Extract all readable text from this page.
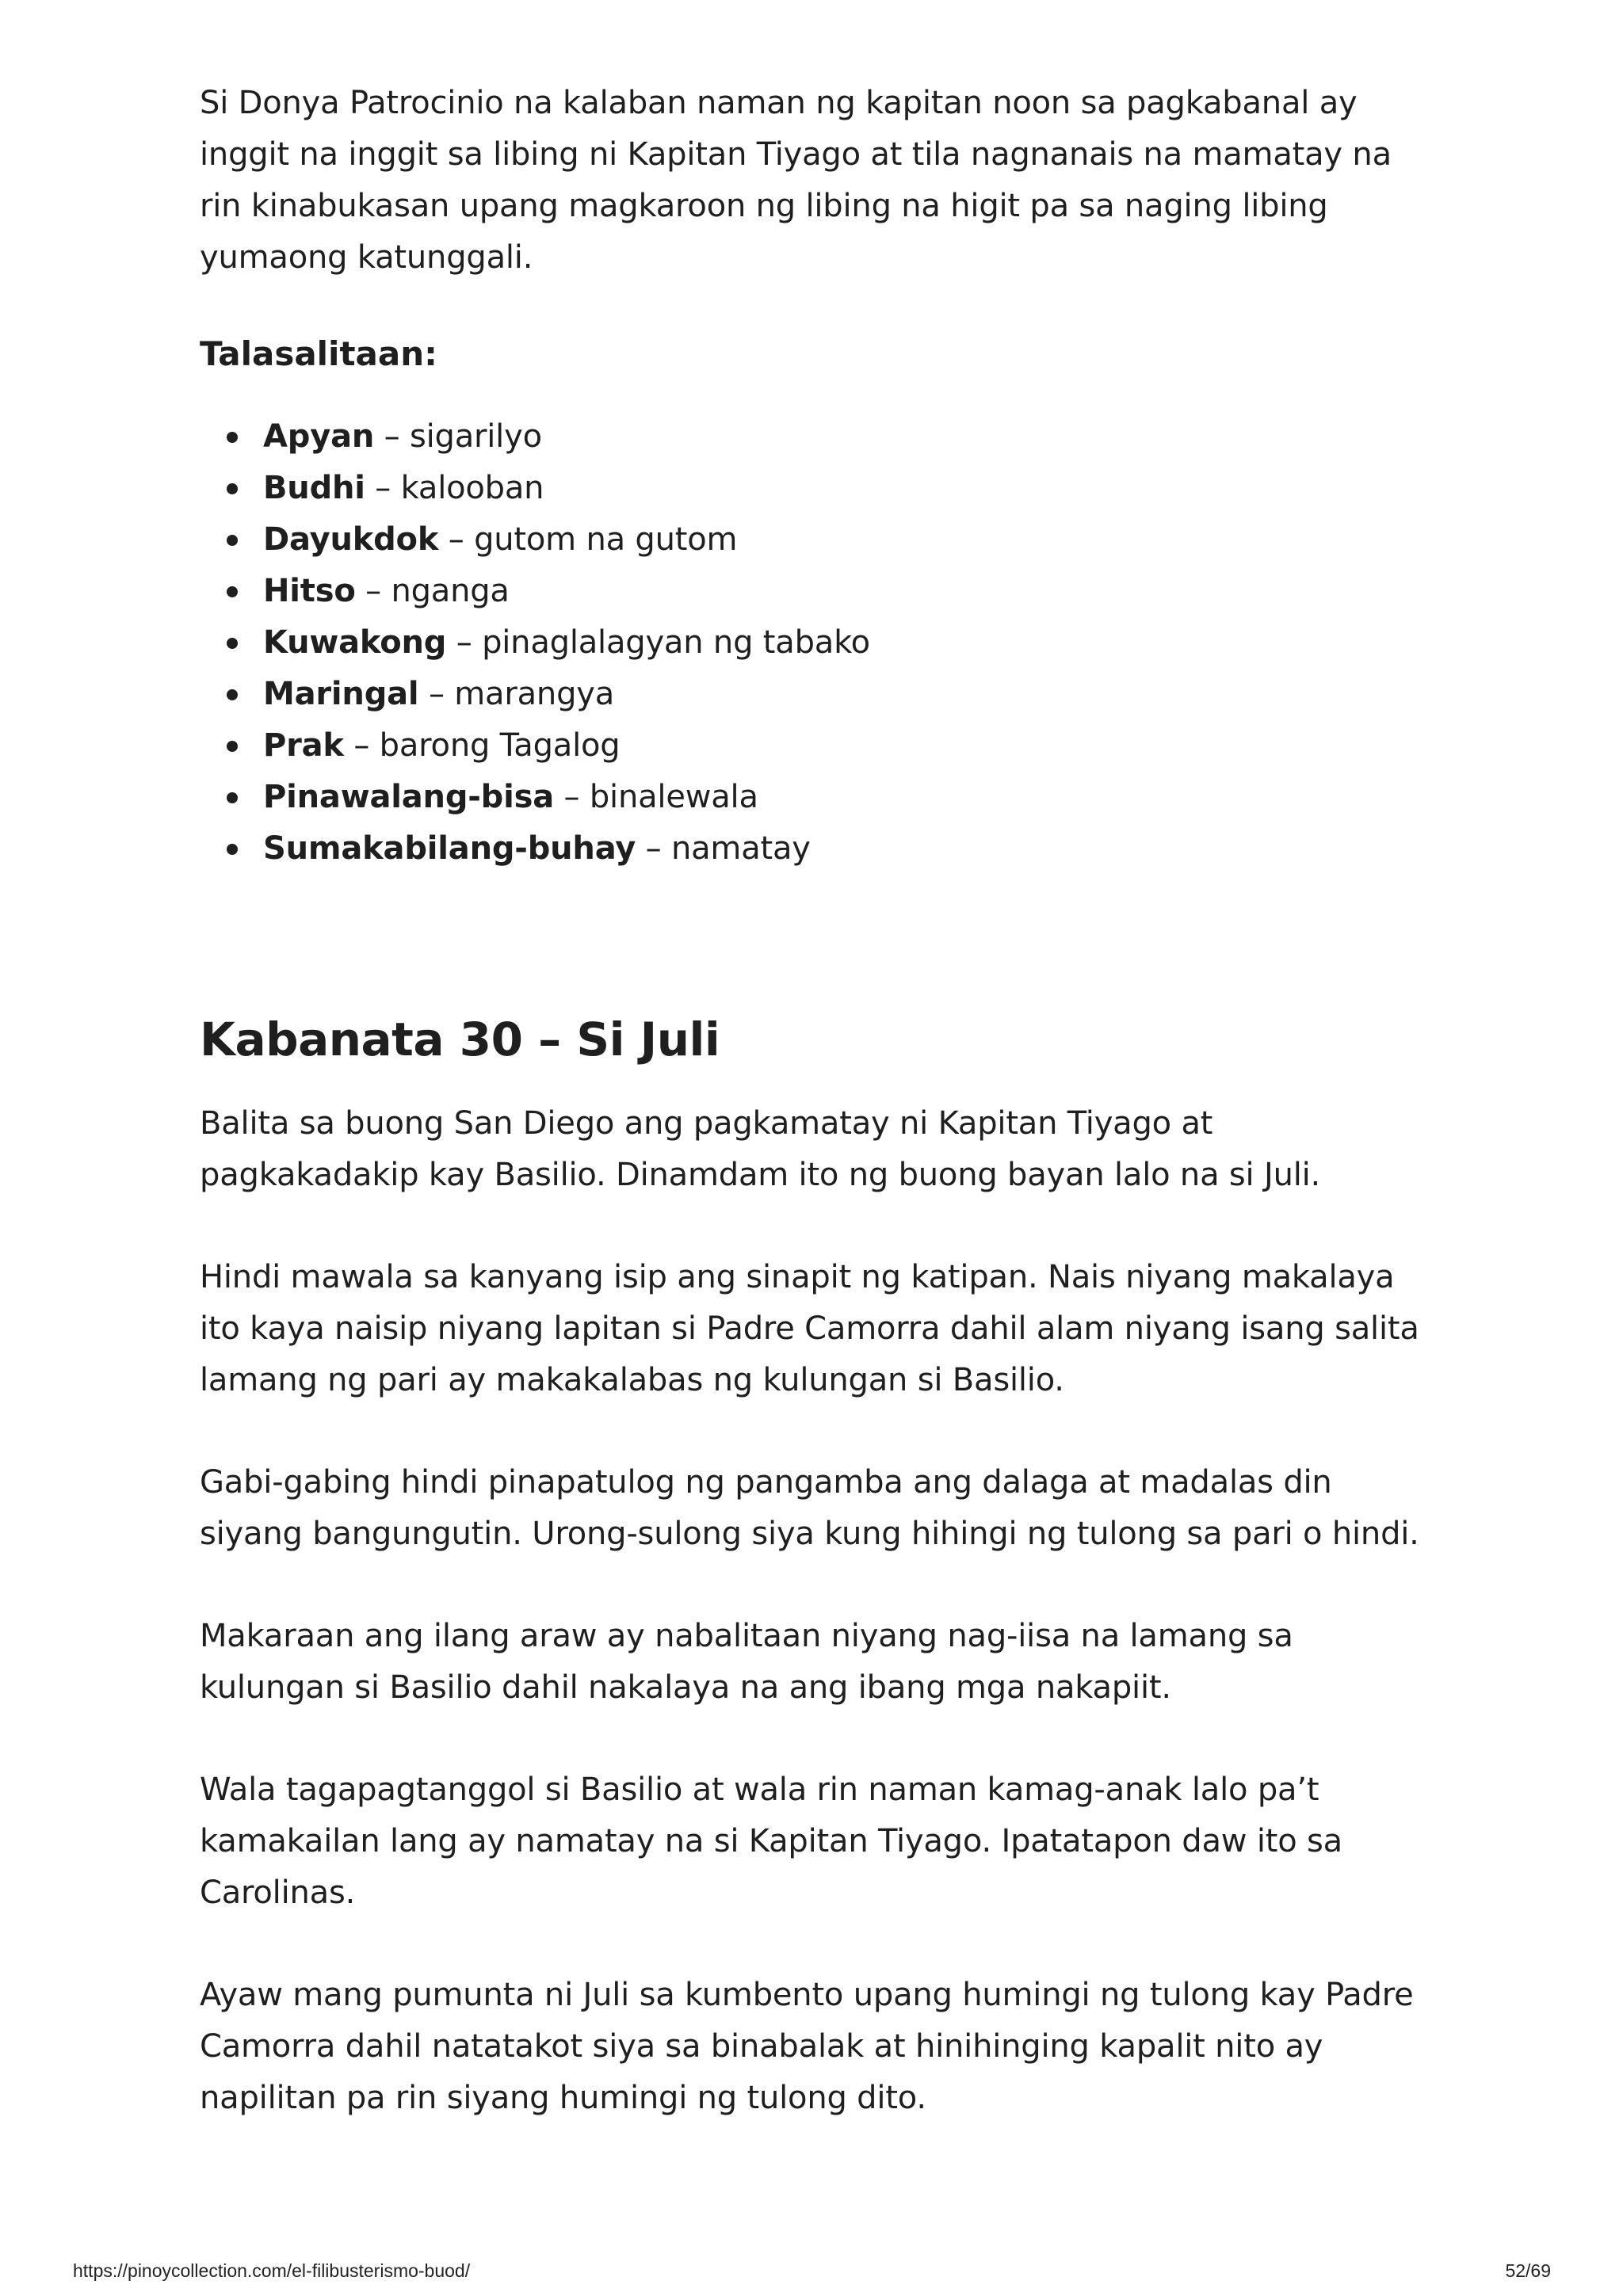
Si Donya Patrocinio na kalaban naman ng kapitan noon sa pagkabanal ay inggit na inggit sa libing ni Kapitan Tiyago at tila nagnanais na mamatay na rin kinabukasan upang magkaroon ng libing na higit pa sa naging libing yumaong katunggali.

Talasalitaan:
Apyan – sigarilyo
Budhi – kalooban
Dayukdok – gutom na gutom
Hitso – nganga
Kuwakong – pinaglalagyan ng tabako
Maringal – marangya
Prak – barong Tagalog
Pinawalang-bisa – binalewala
Sumakabilang-buhay – namatay
Kabanata 30 – Si Juli

Balita sa buong San Diego ang pagkamatay ni Kapitan Tiyago at pagkakadakip kay Basilio. Dinamdam ito ng buong bayan lalo na si Juli.

Hindi mawala sa kanyang isip ang sinapit ng katipan. Nais niyang makalaya ito kaya naisip niyang lapitan si Padre Camorra dahil alam niyang isang salita lamang ng pari ay makakalabas ng kulungan si Basilio.

Gabi-gabing hindi pinapatulog ng pangamba ang dalaga at madalas din siyang bangungutin. Urong-sulong siya kung hihingi ng tulong sa pari o hindi.

Makaraan ang ilang araw ay nabalitaan niyang nag-iisa na lamang sa kulungan si Basilio dahil nakalaya na ang ibang mga nakapiit.

Wala tagapagtanggol si Basilio at wala rin naman kamag-anak lalo pa’t kamakailan lang ay namatay na si Kapitan Tiyago. Ipatatapon daw ito sa Carolinas.

Ayaw mang pumunta ni Juli sa kumbento upang humingi ng tulong kay Padre Camorra dahil natatakot siya sa binabalak at hinihinging kapalit nito ay napilitan pa rin siyang humingi ng tulong dito.

https://pinoycollection.com/el-filibusterismo-buod/	52/69
